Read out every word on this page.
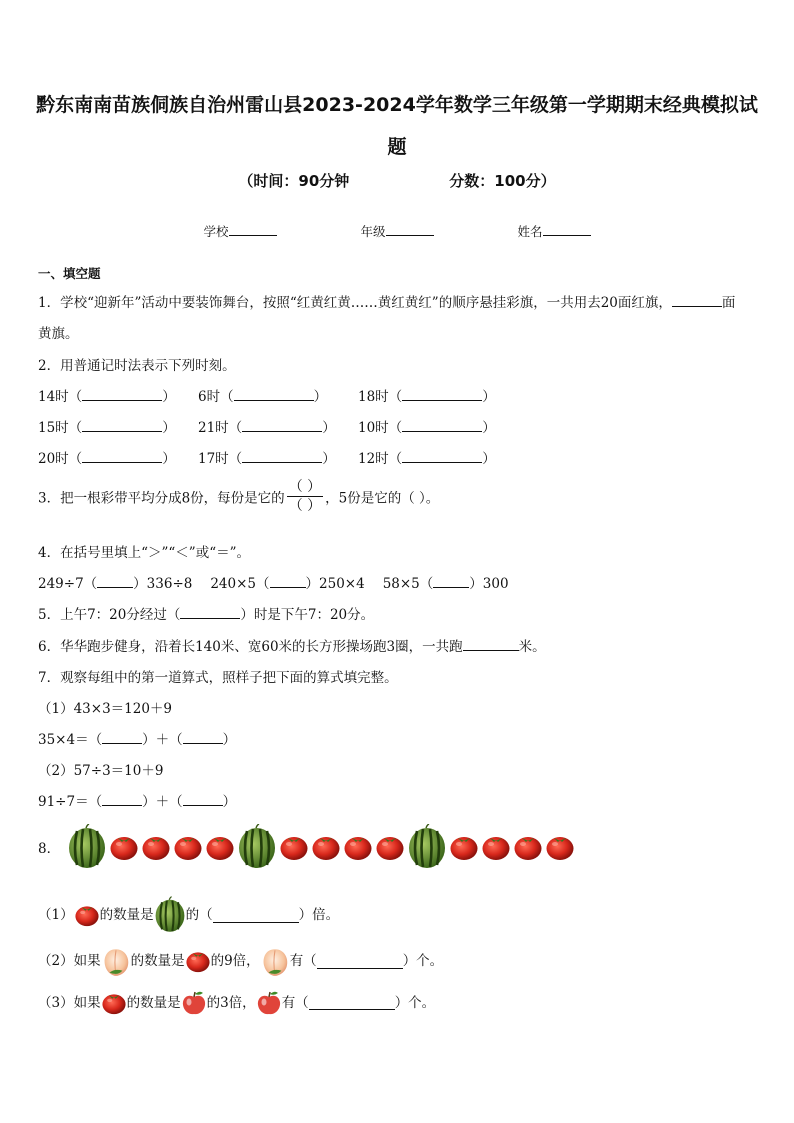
黔东南南苗族侗族自治州雷山县2023-2024学年数学三年级第一学期期末经典模拟试题
（时间：90分钟	分数：100分）
学校	年级	姓名
一、填空题
1．学校“迎新年”活动中要装饰舞台，按照“红黄红黄……黄红黄红”的顺序悬挂彩旗，一共用去20面红旗，	面
黄旗。
2．用普通记时法表示下列时刻。
14时（	） 6时（	） 18时（	）
15时（	） 21时（	） 10时（	）
20时（	） 17时（	） 12时（	）
3．把一根彩带平均分成8份，每份是它的 $\frac{( )}{( )}$ ，5份是它的（ ）。
4．在括号里填上“＞”“＜”或“＝”。
249÷7（	）336÷8 240×5（	）250×4 58×5（	）300
5．上午7：20分经过（	）时是下午7：20分。
6．华华跑步健身，沿着长140米、宽60米的长方形操场跑3圈，一共跑	米。
7．观察每组中的第一道算式，照样子把下面的算式填完整。
（1）43×3＝120＋9
35×4＝（	）＋（	）
（2）57÷3＝10＋9
91÷7＝（	）＋（	）
8．
（1） 的数量是 的（	）倍。
（2）如果 的数量是 的9倍， 有（	）个。
（3）如果 的数量是 的3倍， 有（	）个。
